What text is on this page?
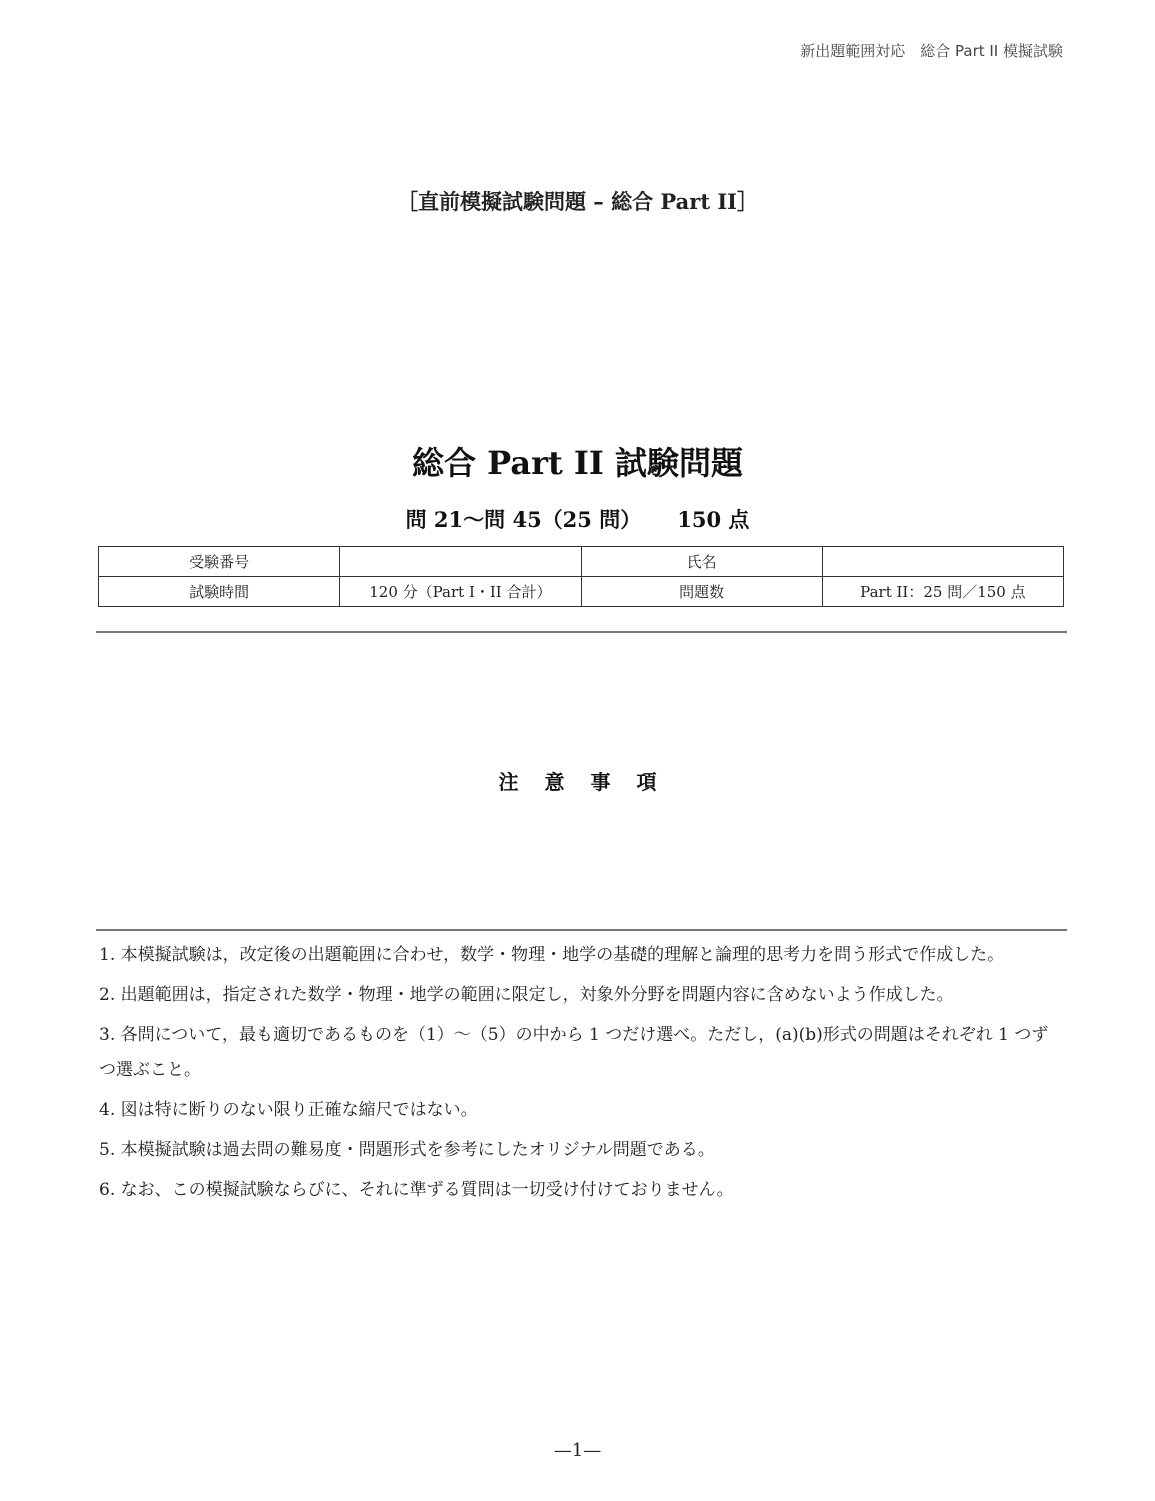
新出題範囲対応　総合 Part II 模擬試験
［直前模擬試験問題 – 総合 Part II］
総合 Part II 試験問題
問 21～問 45（25 問） 150 点
受験番号		氏名	
試験時間	120 分（Part I・II 合計）	問題数	Part II：25 問／150 点
注意事項
1. 本模擬試験は，改定後の出題範囲に合わせ，数学・物理・地学の基礎的理解と論理的思考力を問う形式で作成した。
2. 出題範囲は，指定された数学・物理・地学の範囲に限定し，対象外分野を問題内容に含めないよう作成した。
3. 各問について，最も適切であるものを（1）～（5）の中から 1 つだけ選べ。ただし，(a)(b)形式の問題はそれぞれ 1 つずつ選ぶこと。
4. 図は特に断りのない限り正確な縮尺ではない。
5. 本模擬試験は過去問の難易度・問題形式を参考にしたオリジナル問題である。
6. なお、この模擬試験ならびに、それに準ずる質問は一切受け付けておりません。
—1—
